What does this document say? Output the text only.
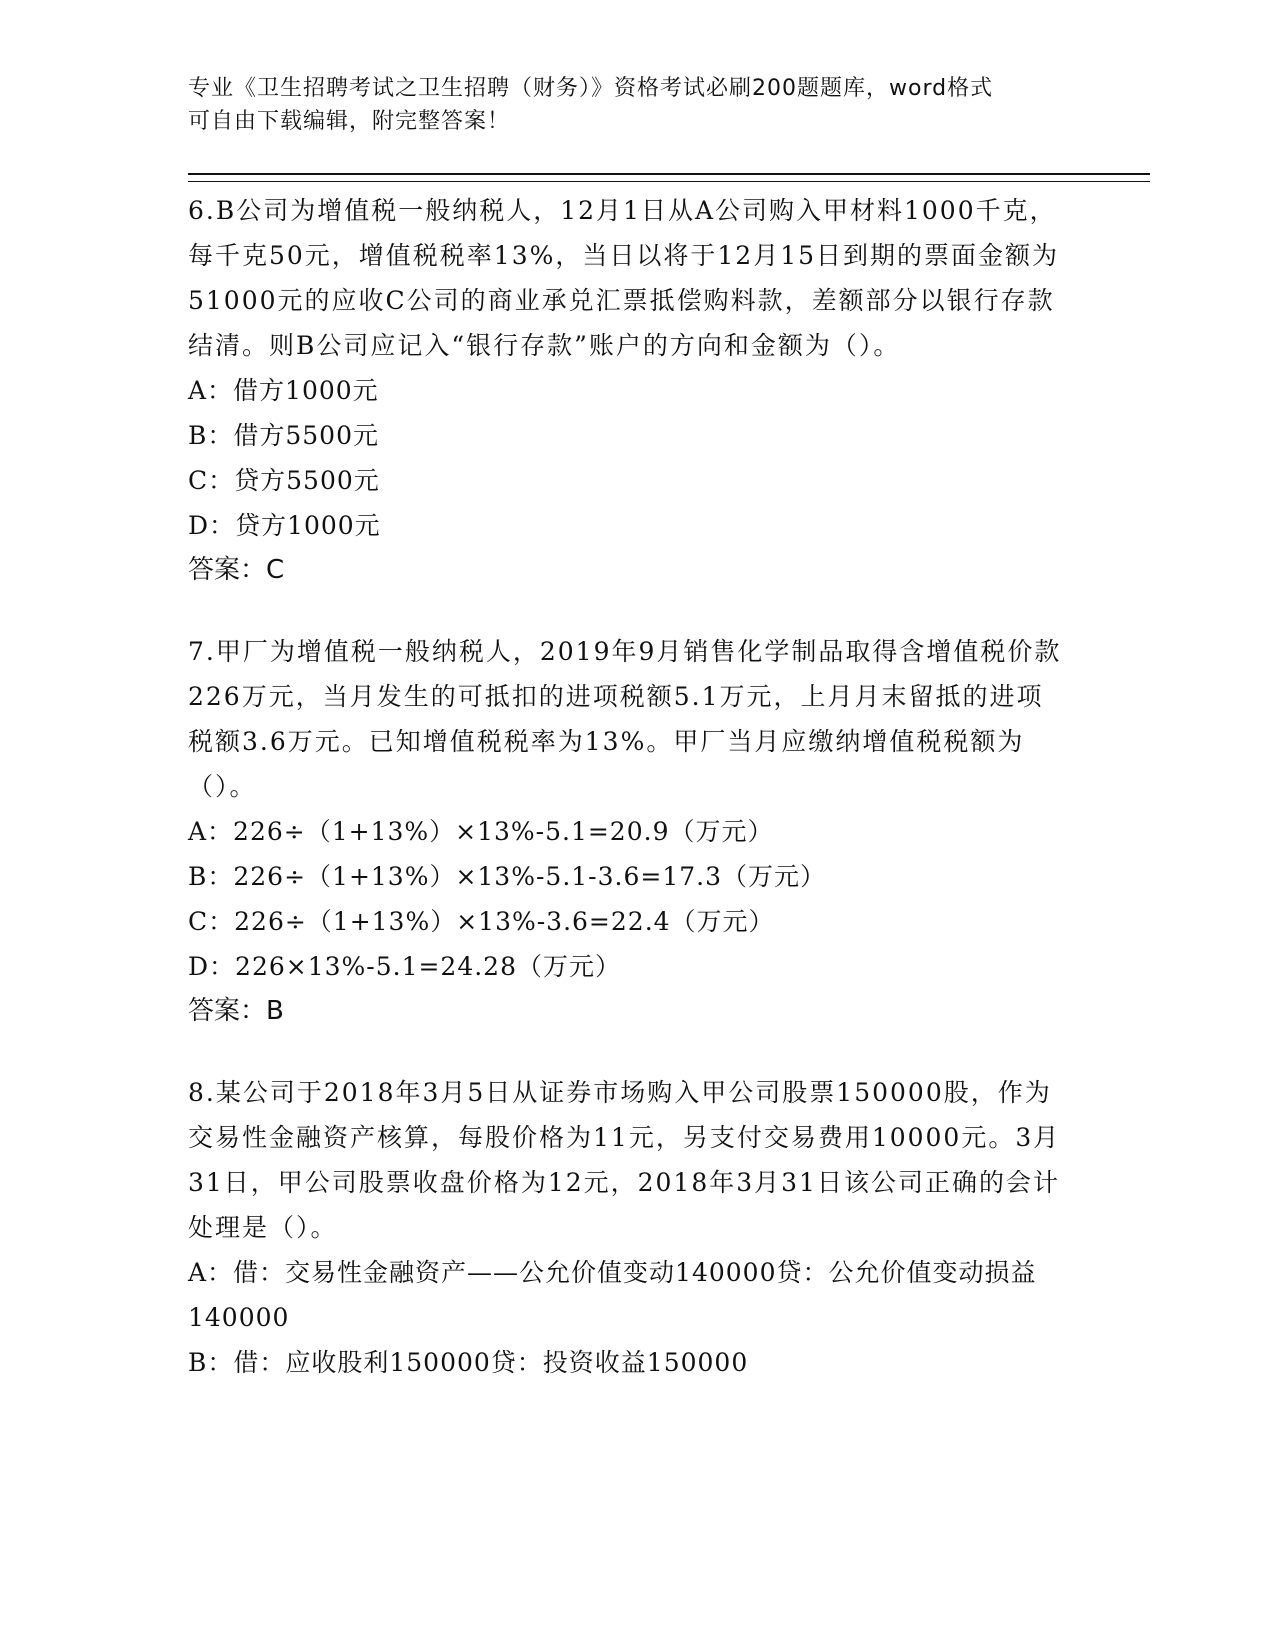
专业《卫生招聘考试之卫生招聘（财务）》资格考试必刷200题题库，word格式

可自由下载编辑，附完整答案！

6.B公司为增值税一般纳税人，12月1日从A公司购入甲材料1000千克，每千克50元，增值税税率13%，当日以将于12月15日到期的票面金额为51000元的应收C公司的商业承兑汇票抵偿购料款，差额部分以银行存款结清。则B公司应记入“银行存款”账户的方向和金额为（）。

A：借方1000元
B：借方5500元
C：贷方5500元
D：贷方1000元
答案：C

7.甲厂为增值税一般纳税人，2019年9月销售化学制品取得含增值税价款226万元，当月发生的可抵扣的进项税额5.1万元，上月月末留抵的进项税额3.6万元。已知增值税税率为13%。甲厂当月应缴纳增值税税额为（）。

A：226÷（1+13%）×13%-5.1=20.9（万元）
B：226÷（1+13%）×13%-5.1-3.6=17.3（万元）
C：226÷（1+13%）×13%-3.6=22.4（万元）
D：226×13%-5.1=24.28（万元）
答案：B

8.某公司于2018年3月5日从证券市场购入甲公司股票150000股，作为交易性金融资产核算，每股价格为11元，另支付交易费用10000元。3月31日，甲公司股票收盘价格为12元，2018年3月31日该公司正确的会计处理是（）。

A：借：交易性金融资产——公允价值变动140000贷：公允价值变动损益140000
B：借：应收股利150000贷：投资收益150000
